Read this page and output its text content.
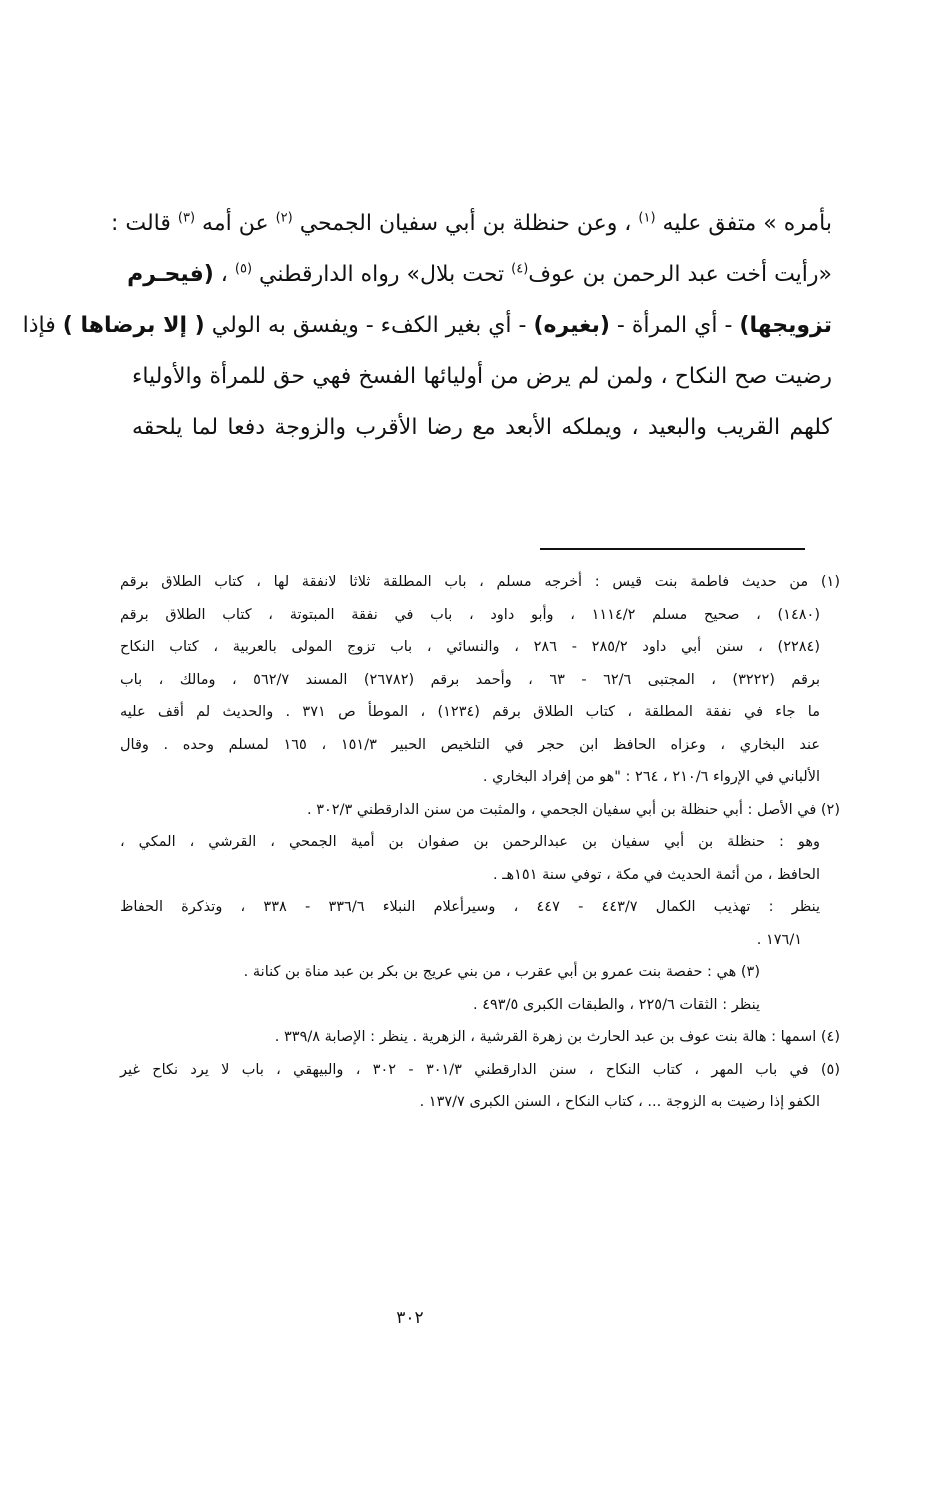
بأمره » متفق عليه $^{(١)}$ ، وعن حنظلة بن أبي سفيان الجمحي $^{(٢)}$ عن أمه $^{(٣)}$ قالت :
«رأيت أخت عبد الرحمن بن عوف$^{(٤)}$ تحت بلال» رواه الدارقطني $^{(٥)}$ ، (فيحـرم
تزويجها) - أي المرأة - (بغيره) - أي بغير الكفء - ويفسق به الولي ( إلا برضاها ) فإذا
رضيت صح النكاح ، ولمن لم يرض من أوليائها الفسخ فهي حق للمرأة والأولياء
كلهم القريب والبعيد ، ويملكه الأبعد مع رضا الأقرب والزوجة دفعا لما يلحقه
(١) من حديث فاطمة بنت قيس : أخرجه مسلم ، باب المطلقة ثلاثا لانفقة لها ، كتاب الطلاق برقم
(١٤٨٠) ، صحيح مسلم ١١١٤/٢ ، وأبو داود ، باب في نفقة المبتوتة ، كتاب الطلاق برقم
(٢٢٨٤) ، سنن أبي داود ٢٨٥/٢ - ٢٨٦ ، والنسائي ، باب تزوج المولى بالعربية ، كتاب النكاح
برقم (٣٢٢٢) ، المجتبى ٦٢/٦ - ٦٣ ، وأحمد برقم (٢٦٧٨٢) المسند ٥٦٢/٧ ، ومالك ، باب
ما جاء في نفقة المطلقة ، كتاب الطلاق برقم (١٢٣٤) ، الموطأ ص ٣٧١ . والحديث لم أقف عليه
عند البخاري ، وعزاه الحافظ ابن حجر في التلخيص الحبير ١٥١/٣ ، ١٦٥ لمسلم وحده . وقال
الألباني في الإرواء ٢١٠/٦ ، ٢٦٤ : "هو من إفراد البخاري .
(٢) في الأصل : أبي حنظلة بن أبي سفيان الجحمي ، والمثبت من سنن الدارقطني ٣٠٢/٣ .
وهو : حنظلة بن أبي سفيان بن عبدالرحمن بن صفوان بن أمية الجمحي ، القرشي ، المكي ،
الحافظ ، من أئمة الحديث في مكة ، توفي سنة ١٥١هـ .
ينظر : تهذيب الكمال ٤٤٣/٧ - ٤٤٧ ، وسيرأعلام النبلاء ٣٣٦/٦ - ٣٣٨ ، وتذكرة الحفاظ
١٧٦/١ .
(٣) هي : حفصة بنت عمرو بن أبي عقرب ، من بني عريج بن بكر بن عبد مناة بن كنانة .
ينظر : الثقات ٢٢٥/٦ ، والطبقات الكبرى ٤٩٣/٥ .
(٤) اسمها : هالة بنت عوف بن عبد الحارث بن زهرة القرشية ، الزهرية . ينظر : الإصابة ٣٣٩/٨ .
(٥) في باب المهر ، كتاب النكاح ، سنن الدارقطني ٣٠١/٣ - ٣٠٢ ، والبيهقي ، باب لا يرد نكاح غير
الكفو إذا رضيت به الزوجة ... ، كتاب النكاح ، السنن الكبرى ١٣٧/٧ .
٣٠٢
